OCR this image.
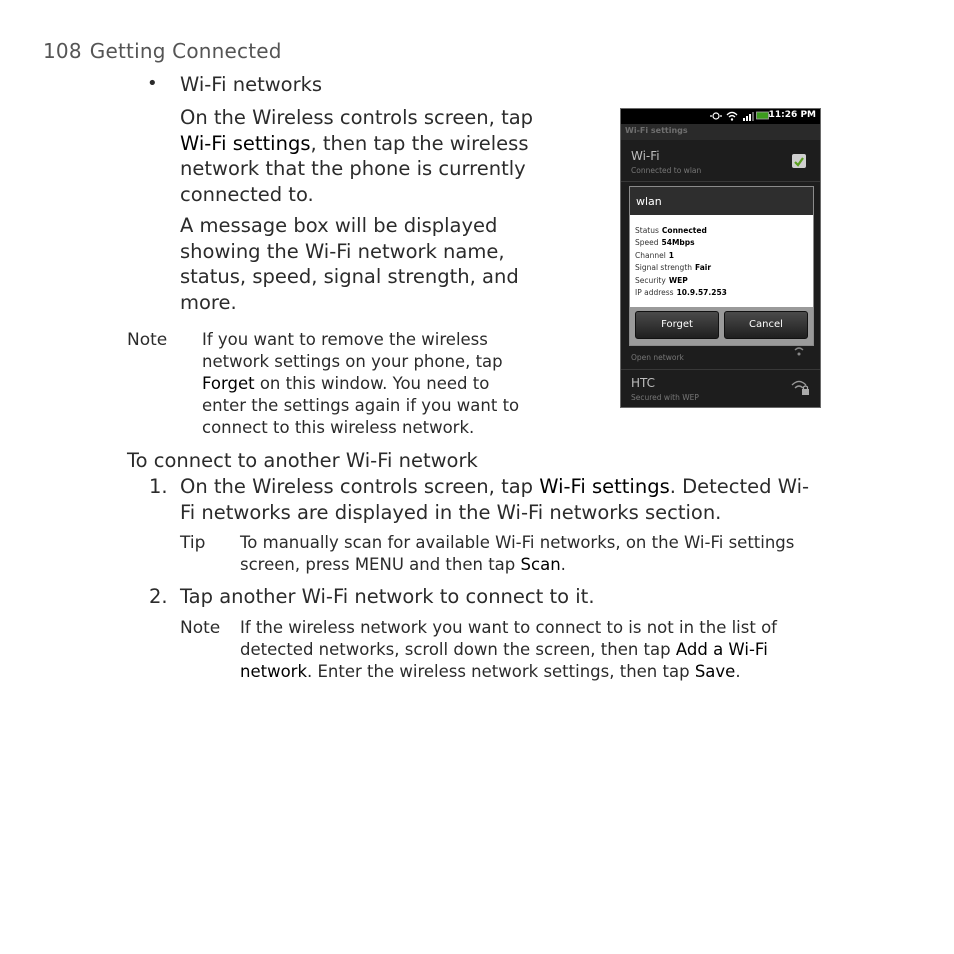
108 Getting Connected
• Wi-Fi networks
On the Wireless controls screen, tap
Wi-Fi settings, then tap the wireless
network that the phone is currently
connected to.
A message box will be displayed
showing the Wi-Fi network name,
status, speed, signal strength, and
more.
Note If you want to remove the wireless
network settings on your phone, tap
Forget on this window. You need to
enter the settings again if you want to
connect to this wireless network.
11:26 PM
Wi-Fi settings
Wi-Fi
Connected to wlan
wlan
Status Connected
Speed 54Mbps
Channel 1
Signal strength Fair
Security WEP
IP address 10.9.57.253
Forget	Cancel
Open network
HTC
Secured with WEP
To connect to another Wi-Fi network
1. On the Wireless controls screen, tap Wi-Fi settings. Detected Wi-
Fi networks are displayed in the Wi-Fi networks section.
Tip To manually scan for available Wi-Fi networks, on the Wi-Fi settings
screen, press MENU and then tap Scan.
2. Tap another Wi-Fi network to connect to it.
Note If the wireless network you want to connect to is not in the list of
detected networks, scroll down the screen, then tap Add a Wi-Fi
network. Enter the wireless network settings, then tap Save.
